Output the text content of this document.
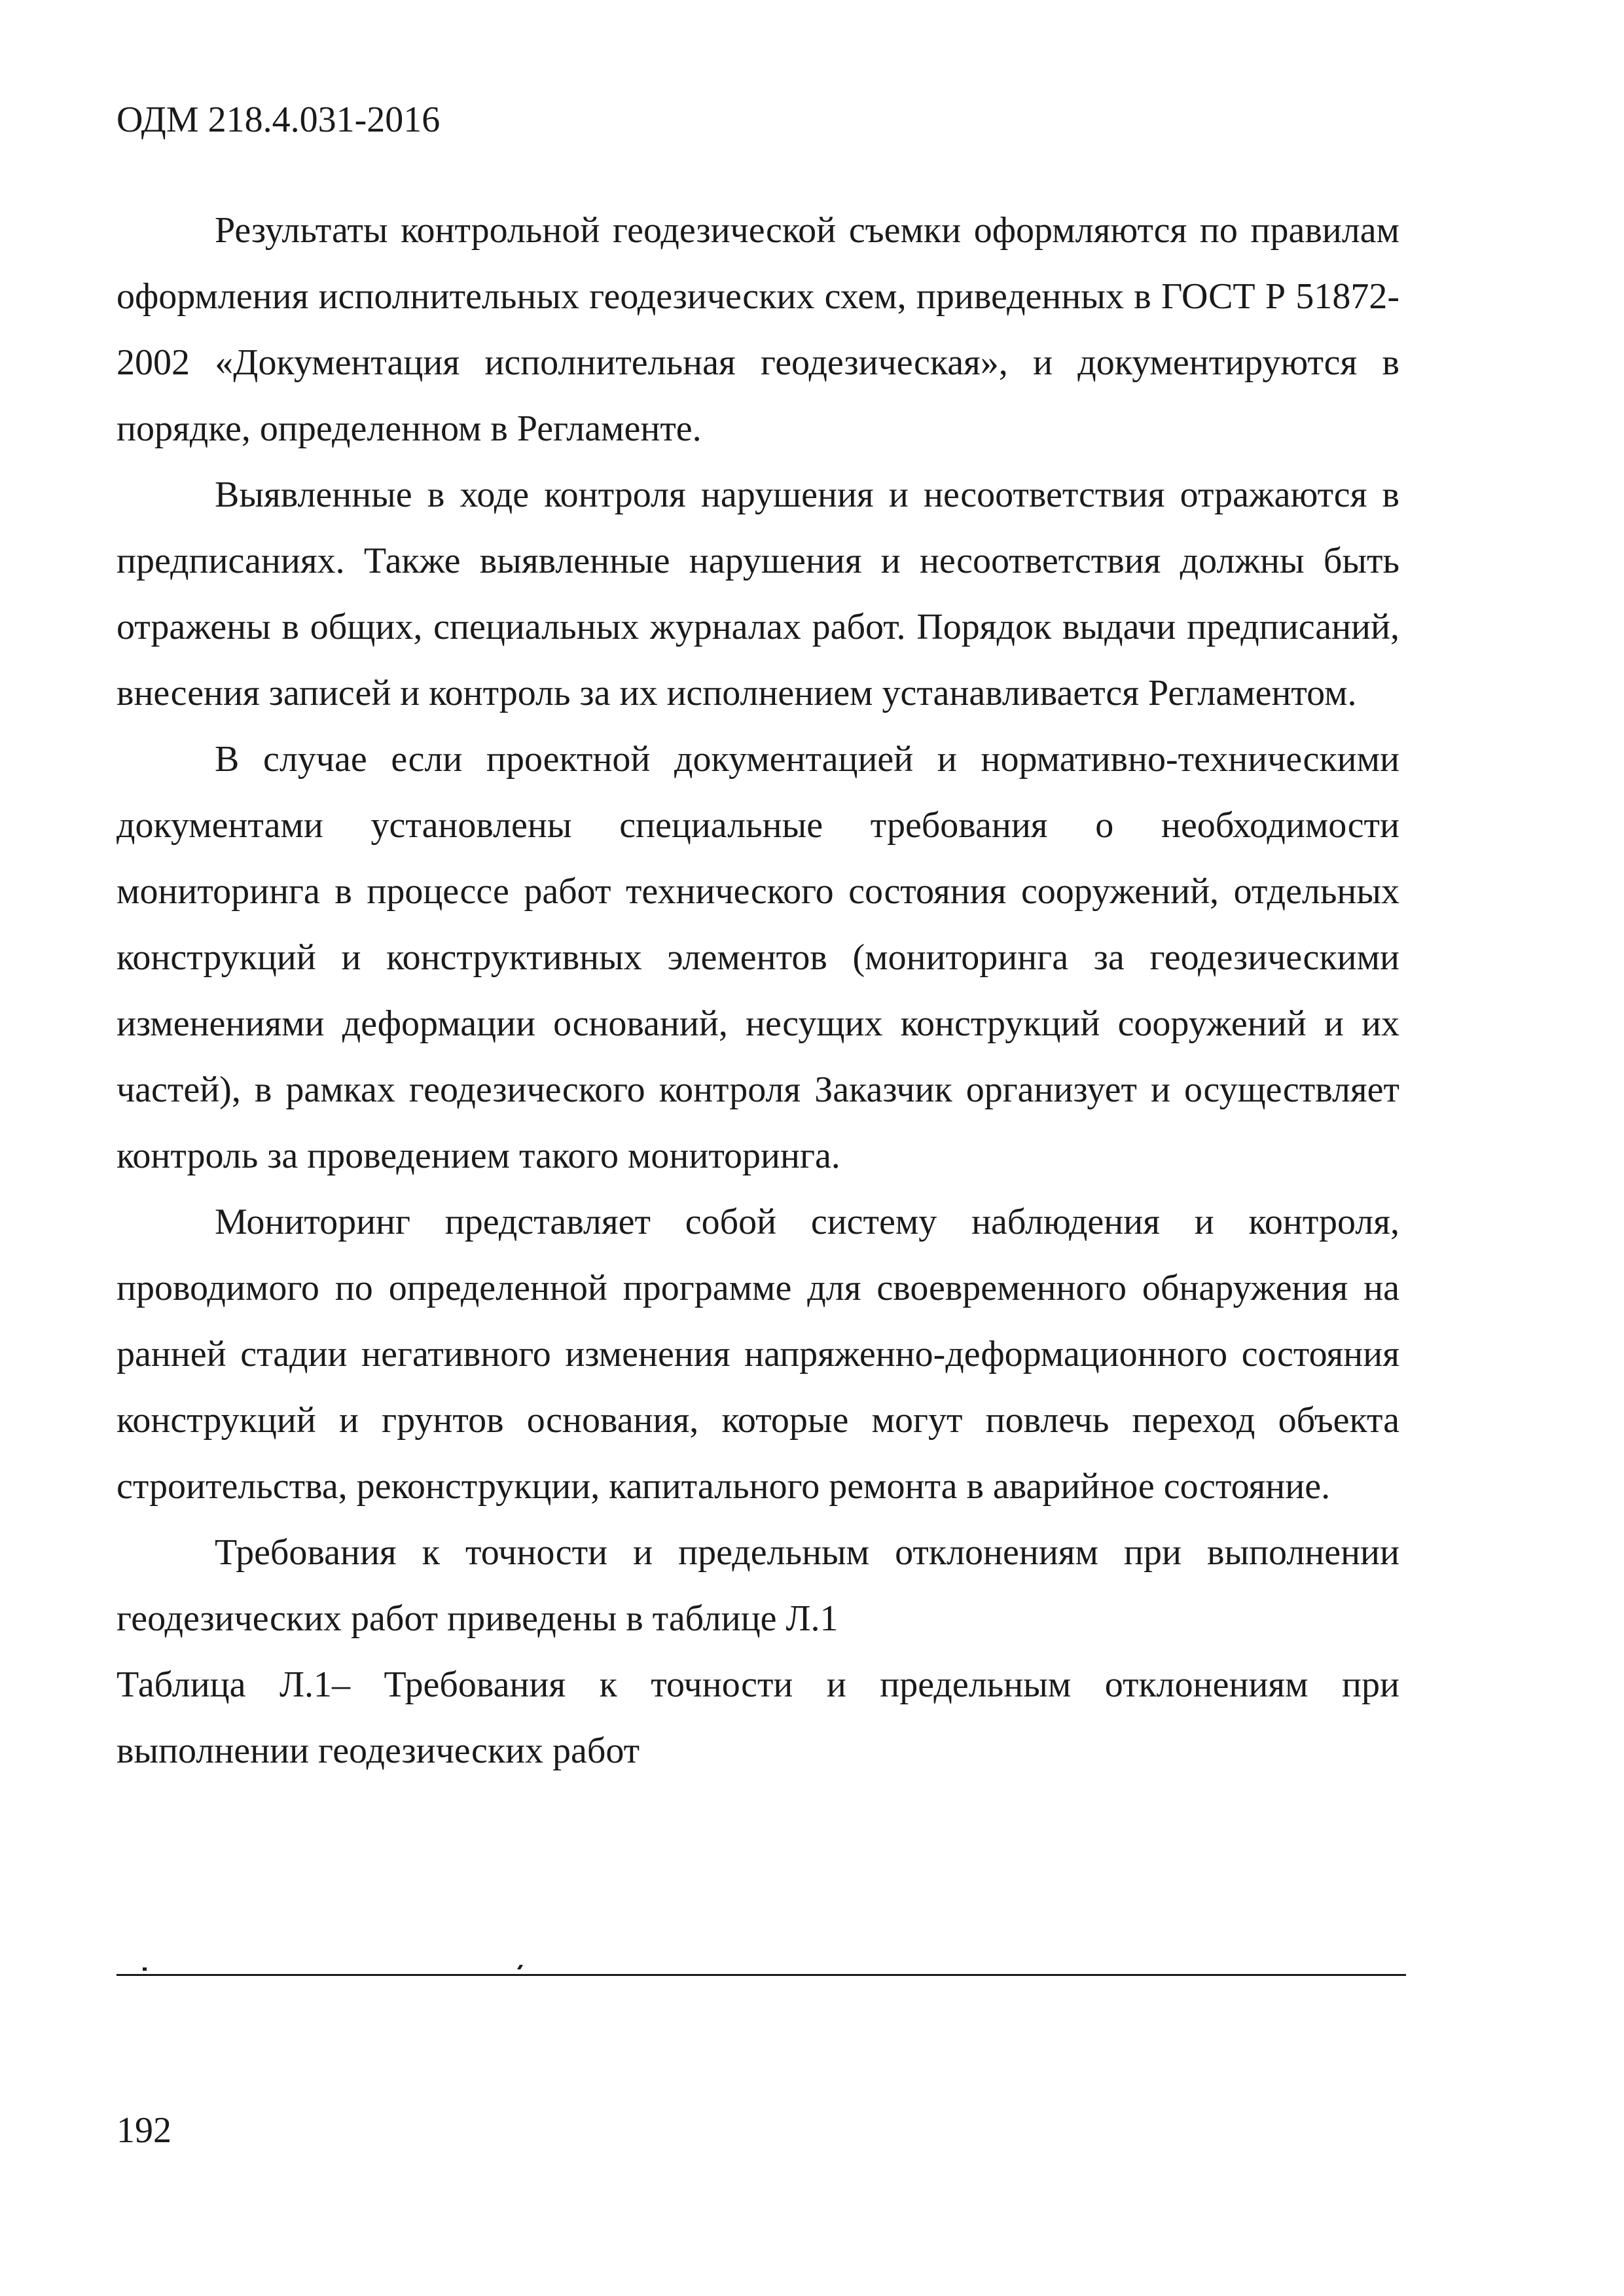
ОДМ 218.4.031-2016

Результаты контрольной геодезической съемки оформляются по правилам оформления исполнительных геодезических схем, приведенных в ГОСТ Р 51872-2002 «Документация исполнительная геодезическая», и документируются в порядке, определенном в Регламенте.

Выявленные в ходе контроля нарушения и несоответствия отражаются в предписаниях. Также выявленные нарушения и несоответствия должны быть отражены в общих, специальных журналах работ. Порядок выдачи предписаний, внесения записей и контроль за их исполнением устанавливается Регламентом.

В случае если проектной документацией и нормативно-техническими документами установлены специальные требования о необходимости мониторинга в процессе работ технического состояния сооружений, отдельных конструкций и конструктивных элементов (мониторинга за геодезическими изменениями деформации оснований, несущих конструкций сооружений и их частей), в рамках геодезического контроля Заказчик организует и осуществляет контроль за проведением такого мониторинга.

Мониторинг представляет собой систему наблюдения и контроля, проводимого по определенной программе для своевременного обнаружения на ранней стадии негативного изменения напряженно-деформационного состояния конструкций и грунтов основания, которые могут повлечь переход объекта строительства, реконструкции, капитального ремонта в аварийное состояние.

Требования к точности и предельным отклонениям при выполнении геодезических работ приведены в таблице Л.1

Таблица Л.1– Требования к точности и предельным отклонениям при выполнении геодезических работ

192
